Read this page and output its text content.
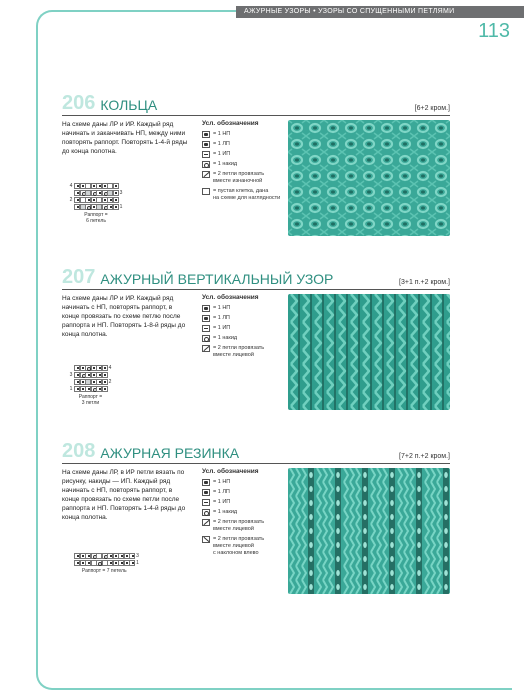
АЖУРНЫЕ УЗОРЫ • УЗОРЫ СО СПУЩЕННЫМИ ПЕТЛЯМИ
113
206 КОЛЬЦА	[6+2 кром.]
На схеме даны ЛР и ИР. Каждый ряд начинать и заканчивать НП, между ними повторять раппорт. Повторять 1-4-й ряды до конца полотна.
4
3
2
1
Раппорт =
6 петель
Усл. обозначения
= 1 НП
= 1 ЛП
= 1 ИП
= 1 накид
= 2 петли провязать
вместе изнаночной
= пустая клетка, дана
на схеме для наглядности
207 АЖУРНЫЙ ВЕРТИКАЛЬНЫЙ УЗОР	[3+1 п.+2 кром.]
На схеме даны ЛР и ИР. Каждый ряд начинать с НП, повторять раппорт, в конце провязать по схеме петлю после раппорта и НП. Повторять 1-8-й ряды до конца полотна.
4
3
2
1
Раппорт =
3 петли
Усл. обозначения
= 1 НП
= 1 ЛП
= 1 ИП
= 1 накид
= 2 петли провязать
вместе лицевой
208 АЖУРНАЯ РЕЗИНКА	[7+2 п.+2 кром.]
На схеме даны ЛР, в ИР петли вязать по рисунку, накиды — ИП. Каждый ряд начинать с НП, повторять раппорт, в конце провязать по схеме петли после раппорта и НП. Повторять 1-4-й ряды до конца полотна.
3
1
Раппорт = 7 петель
Усл. обозначения
= 1 НП
= 1 ЛП
= 1 ИП
= 1 накид
= 2 петли провязать
вместе лицевой
= 2 петли провязать
вместе лицевой
с наклоном влево
